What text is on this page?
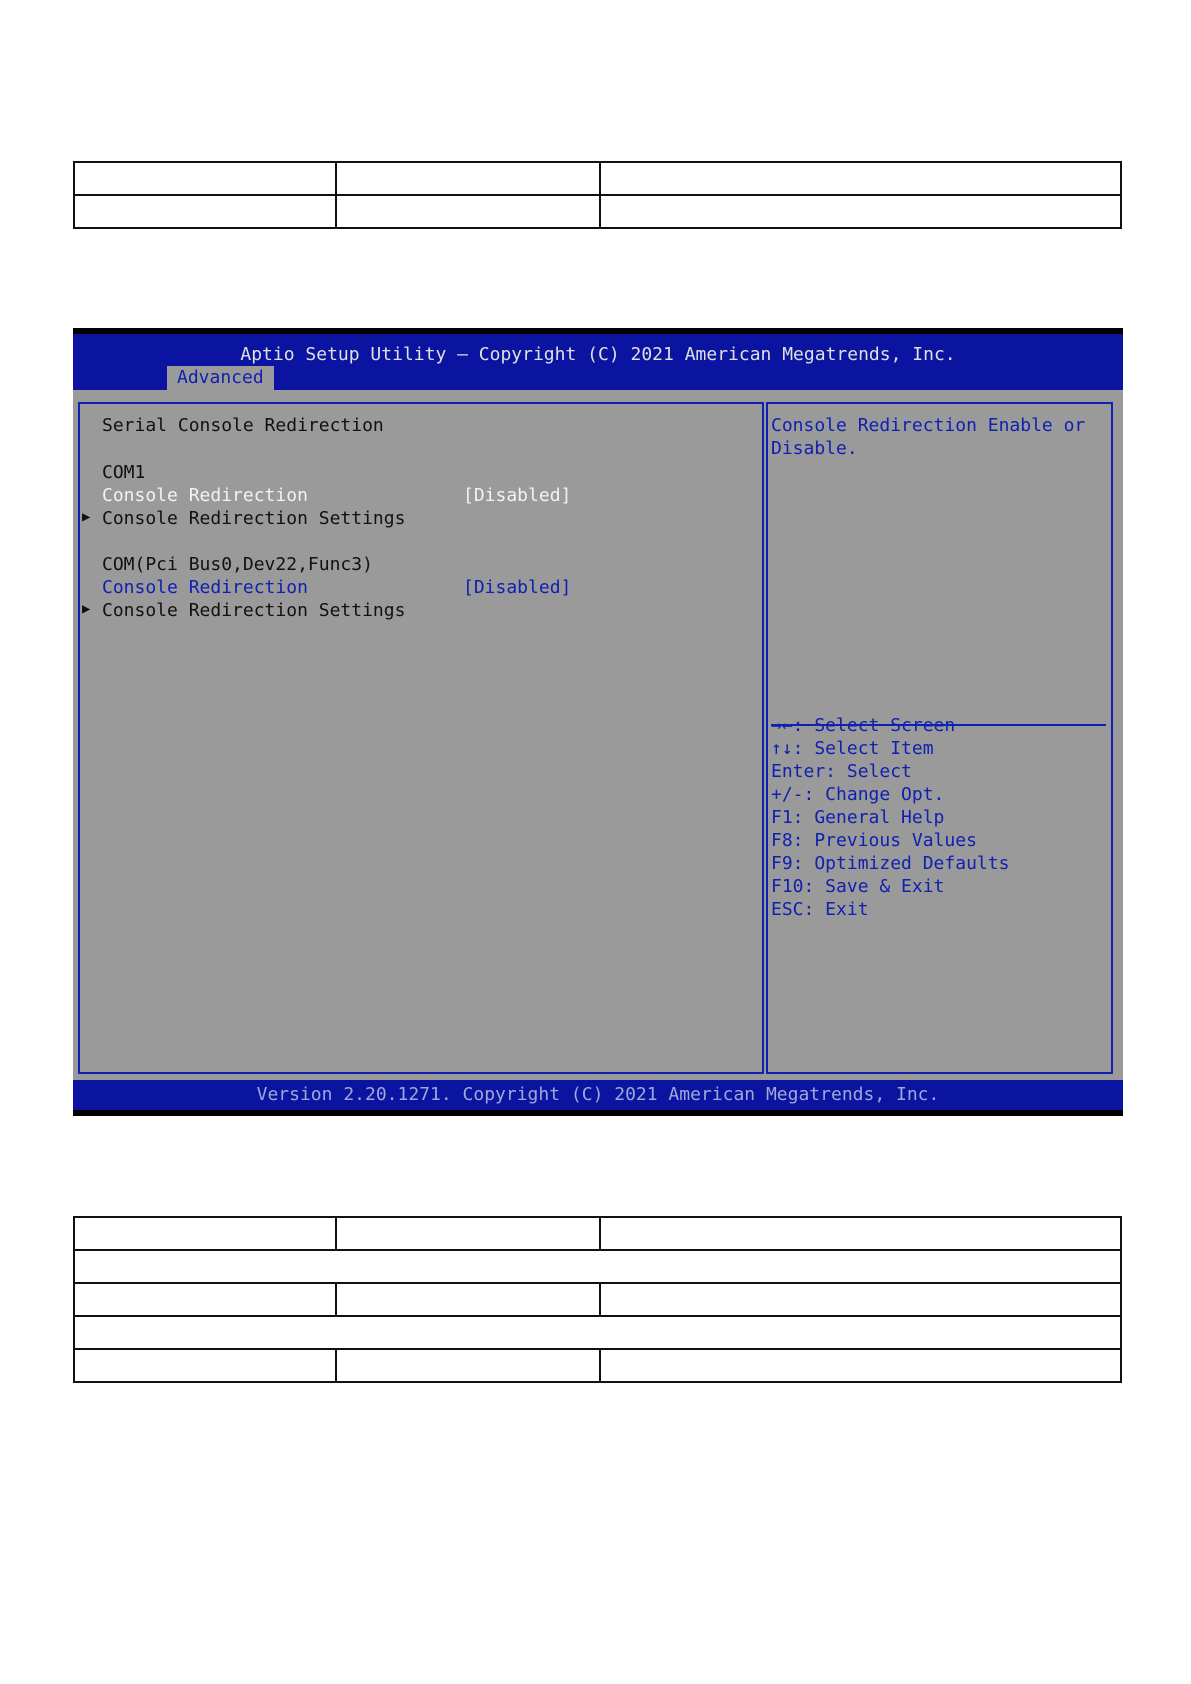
Aptio Setup Utility – Copyright (C) 2021 American Megatrends, Inc.
Advanced
Serial Console Redirection
COM1
Console Redirection	[Disabled]
▶ Console Redirection Settings
COM(Pci Bus0,Dev22,Func3)
Console Redirection	[Disabled]
▶ Console Redirection Settings
Console Redirection Enable or
Disable.
→←: Select Screen
↑↓: Select Item
Enter: Select
+/-: Change Opt.
F1: General Help
F8: Previous Values
F9: Optimized Defaults
F10: Save & Exit
ESC: Exit
Version 2.20.1271. Copyright (C) 2021 American Megatrends, Inc.
